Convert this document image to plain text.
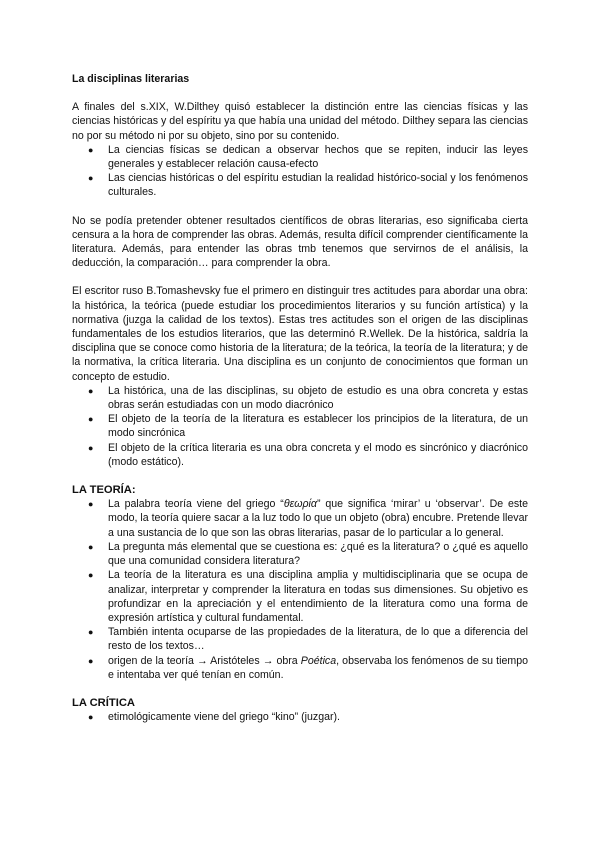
La disciplinas literarias

A finales del s.XIX, W.Dilthey quisó establecer la distinción entre las ciencias físicas y las ciencias históricas y del espíritu ya que había una unidad del método. Dilthey separa las ciencias no por su método ni por su objeto, sino por su contenido.

● La ciencias físicas se dedican a observar hechos que se repiten, inducir las leyes generales y establecer relación causa-efecto
● Las ciencias históricas o del espíritu estudian la realidad histórico-social y los fenómenos culturales.

No se podía pretender obtener resultados científicos de obras literarias, eso significaba cierta censura a la hora de comprender las obras. Además, resulta difícil comprender científicamente la literatura. Además, para entender las obras tmb tenemos que servirnos de el análisis, la deducción, la comparación… para comprender la obra.

El escritor ruso B.Tomashevsky fue el primero en distinguir tres actitudes para abordar una obra: la histórica, la teórica (puede estudiar los procedimientos literarios y su función artística) y la normativa (juzga la calidad de los textos). Estas tres actitudes son el origen de las disciplinas fundamentales de los estudios literarios, que las determinó R.Wellek. De la histórica, saldría la disciplina que se conoce como historia de la literatura; de la teórica, la teoría de la literatura; y de la normativa, la crítica literaria. Una disciplina es un conjunto de conocimientos que forman un concepto de estudio.

● La histórica, una de las disciplinas, su objeto de estudio es una obra concreta y estas obras serán estudiadas con un modo diacrónico
● El objeto de la teoría de la literatura es establecer los principios de la literatura, de un modo sincrónica
● El objeto de la crítica literaria es una obra concreta y el modo es sincrónico y diacrónico (modo estático).

LA TEORÍA:

● La palabra teoría viene del griego “θεωρία” que significa ‘mirar’ u ‘observar’. De este modo, la teoría quiere sacar a la luz todo lo que un objeto (obra) encubre. Pretende llevar a una sustancia de lo que son las obras literarias, pasar de lo particular a lo general.
● La pregunta más elemental que se cuestiona es: ¿qué es la literatura? o ¿qué es aquello que una comunidad considera literatura?
● La teoría de la literatura es una disciplina amplia y multidisciplinaria que se ocupa de analizar, interpretar y comprender la literatura en todas sus dimensiones. Su objetivo es profundizar en la apreciación y el entendimiento de la literatura como una forma de expresión artística y cultural fundamental.
● También intenta ocuparse de las propiedades de la literatura, de lo que a diferencia del resto de los textos…
● origen de la teoría → Aristóteles → obra Poética, observaba los fenómenos de su tiempo e intentaba ver qué tenían en común.

LA CRÍTICA

● etimológicamente viene del griego “kino” (juzgar).
